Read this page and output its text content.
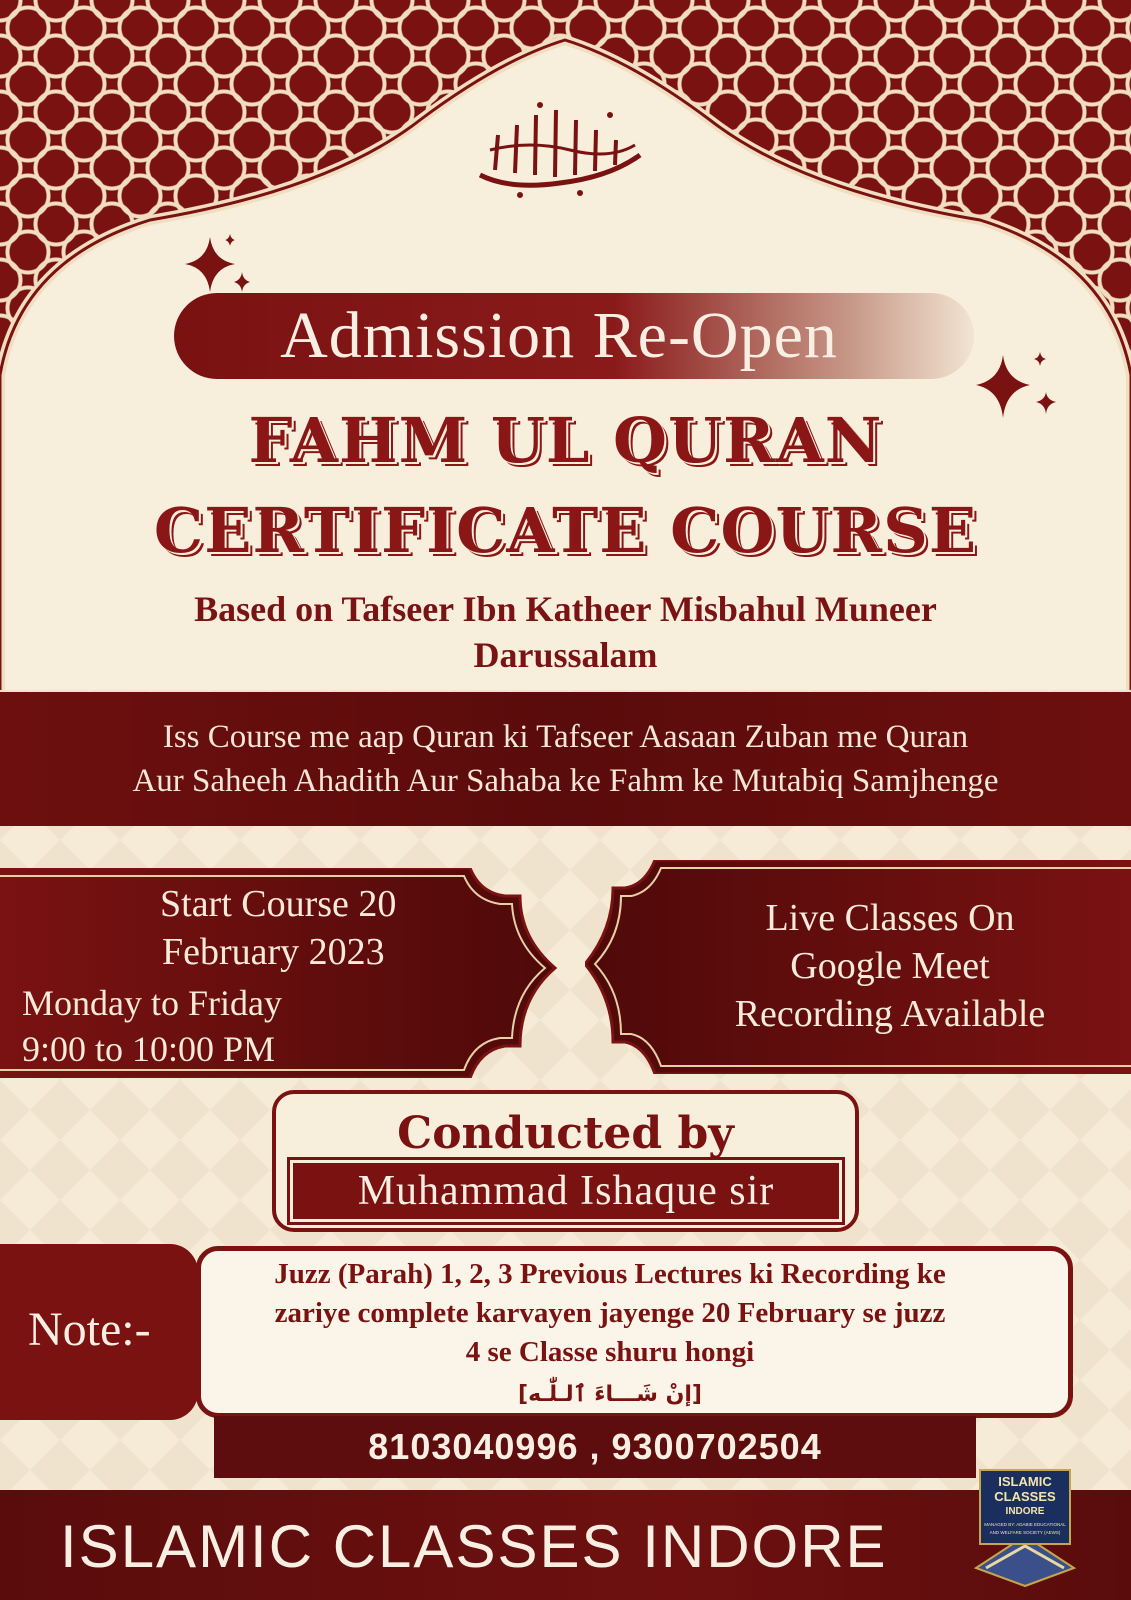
Admission Re-Open
FAHM UL QURAN
CERTIFICATE COURSE
Based on Tafseer Ibn Katheer Misbahul Muneer
Darussalam
Iss Course me aap Quran ki Tafseer Aasaan Zuban me Quran
Aur Saheeh Ahadith Aur Sahaba ke Fahm ke Mutabiq Samjhenge
Start Course 20
February 2023
Monday to Friday
9:00 to 10:00 PM
Live Classes On
Google Meet
Recording Available
Conducted by
Muhammad Ishaque sir
Note:-
Juzz (Parah) 1, 2, 3 Previous Lectures ki Recording ke
zariye complete karvayen jayenge 20 February se juzz
4 se Classe shuru hongi
[إنْ شَـــاءَ ٱلـلّٰـه]
8103040996 , 9300702504
ISLAMIC CLASSES INDORE
ISLAMIC
CLASSES
INDORE
MANAGED BY: ADABIE EDUCATIONAL
AND WELFARE SOCIETY (AEWS)
